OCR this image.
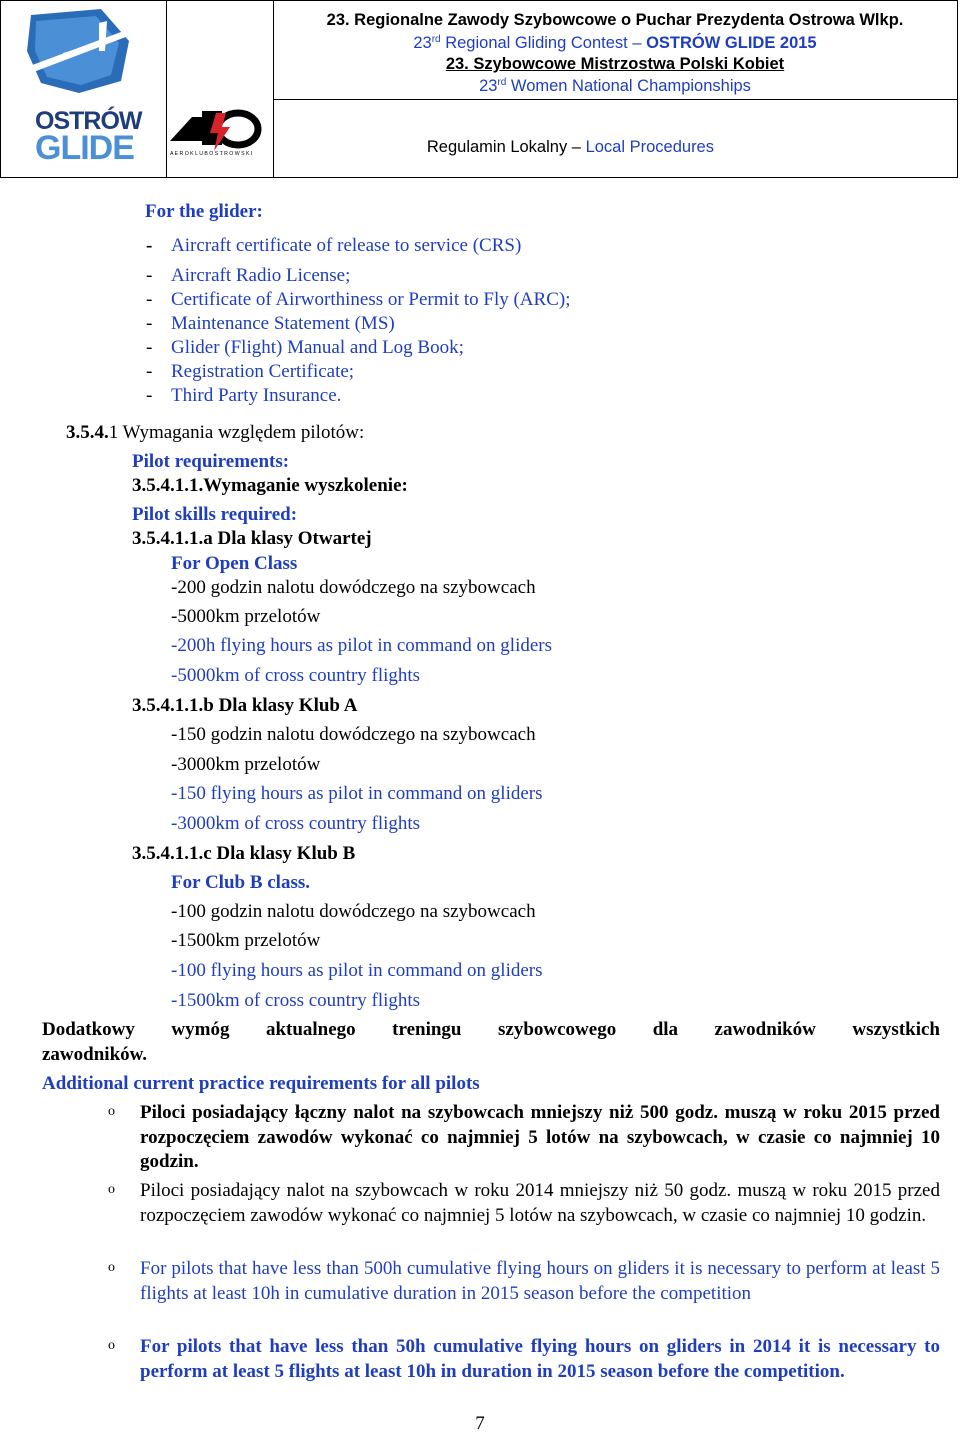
OSTRÓW
GLIDE	A E R O K L U B O S T R O W S K I
23. Regionalne Zawody Szybowcowe o Puchar Prezydenta Ostrowa Wlkp.
23rd Regional Gliding Contest – OSTRÓW GLIDE 2015
23. Szybowcowe Mistrzostwa Polski Kobiet
23rd Women National Championships
Regulamin Lokalny – Local Procedures
For the glider:
- Aircraft certificate of release to service (CRS)
- Aircraft Radio License;
- Certificate of Airworthiness or Permit to Fly (ARC);
- Maintenance Statement (MS)
- Glider (Flight) Manual and Log Book;
- Registration Certificate;
- Third Party Insurance.
3.5.4.1 Wymagania względem pilotów:
Pilot requirements:
3.5.4.1.1.Wymaganie wyszkolenie:
Pilot skills required:
3.5.4.1.1.a Dla klasy Otwartej
For Open Class
-200 godzin nalotu dowódczego na szybowcach
-5000km przelotów
-200h flying hours as pilot in command on gliders
-5000km of cross country flights
3.5.4.1.1.b Dla klasy Klub A
-150 godzin nalotu dowódczego na szybowcach
-3000km przelotów
-150 flying hours as pilot in command on gliders
-3000km of cross country flights
3.5.4.1.1.c Dla klasy Klub B
For Club B class.
-100 godzin nalotu dowódczego na szybowcach
-1500km przelotów
-100 flying hours as pilot in command on gliders
-1500km of cross country flights
Dodatkowy wymóg aktualnego treningu szybowcowego dla zawodników wszystkich
zawodników.
Additional current practice requirements for all pilots
o Piloci posiadający łączny nalot na szybowcach mniejszy niż 500 godz. muszą w roku 2015 przed rozpoczęciem zawodów wykonać co najmniej 5 lotów na szybowcach, w czasie co najmniej 10 godzin.
o Piloci posiadający nalot na szybowcach w roku 2014 mniejszy niż 50 godz. muszą w roku 2015 przed rozpoczęciem zawodów wykonać co najmniej 5 lotów na szybowcach, w czasie co najmniej 10 godzin.
o For pilots that have less than 500h cumulative flying hours on gliders it is necessary to perform at least 5 flights at least 10h in cumulative duration in 2015 season before the competition
o For pilots that have less than 50h cumulative flying hours on gliders in 2014 it is necessary to perform at least 5 flights at least 10h in duration in 2015 season before the competition.
7
